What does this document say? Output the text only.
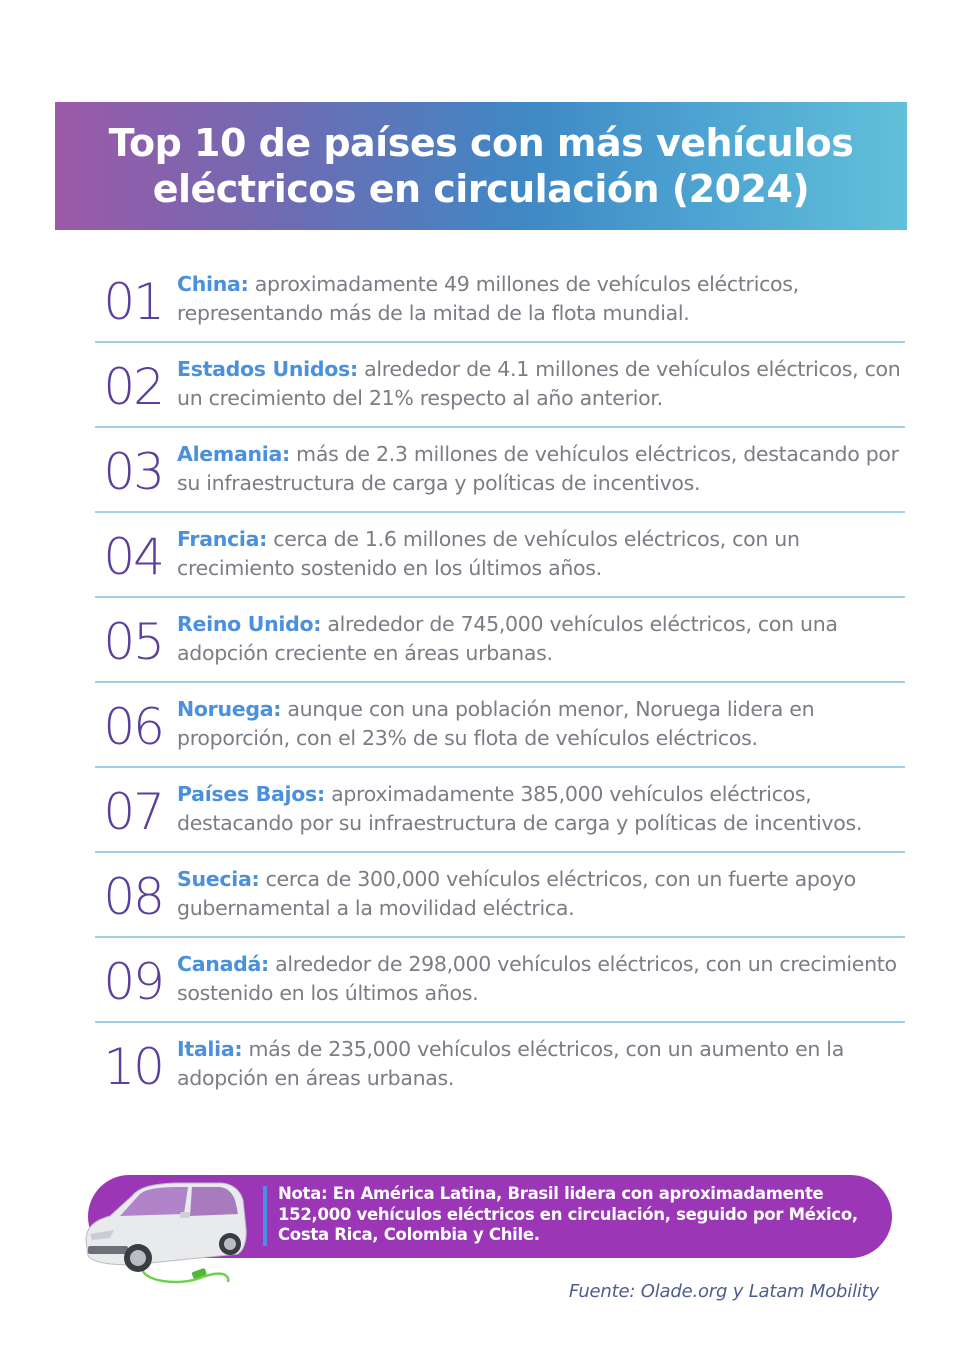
Top 10 de países con más vehículos
eléctricos en circulación (2024)
01 China: aproximadamente 49 millones de vehículos eléctricos, representando más de la mitad de la flota mundial.
02 Estados Unidos: alrededor de 4.1 millones de vehículos eléctricos, con un crecimiento del 21% respecto al año anterior.
03 Alemania: más de 2.3 millones de vehículos eléctricos, destacando por su infraestructura de carga y políticas de incentivos.
04 Francia: cerca de 1.6 millones de vehículos eléctricos, con un crecimiento sostenido en los últimos años.
05 Reino Unido: alrededor de 745,000 vehículos eléctricos, con una adopción creciente en áreas urbanas.
06 Noruega: aunque con una población menor, Noruega lidera en proporción, con el 23% de su flota de vehículos eléctricos.
07 Países Bajos: aproximadamente 385,000 vehículos eléctricos, destacando por su infraestructura de carga y políticas de incentivos.
08 Suecia: cerca de 300,000 vehículos eléctricos, con un fuerte apoyo gubernamental a la movilidad eléctrica.
09 Canadá: alrededor de 298,000 vehículos eléctricos, con un crecimiento sostenido en los últimos años.
10 Italia: más de 235,000 vehículos eléctricos, con un aumento en la adopción en áreas urbanas.

Nota: En América Latina, Brasil lidera con aproximadamente 152,000 vehículos eléctricos en circulación, seguido por México, Costa Rica, Colombia y Chile.

Fuente: Olade.org y Latam Mobility
